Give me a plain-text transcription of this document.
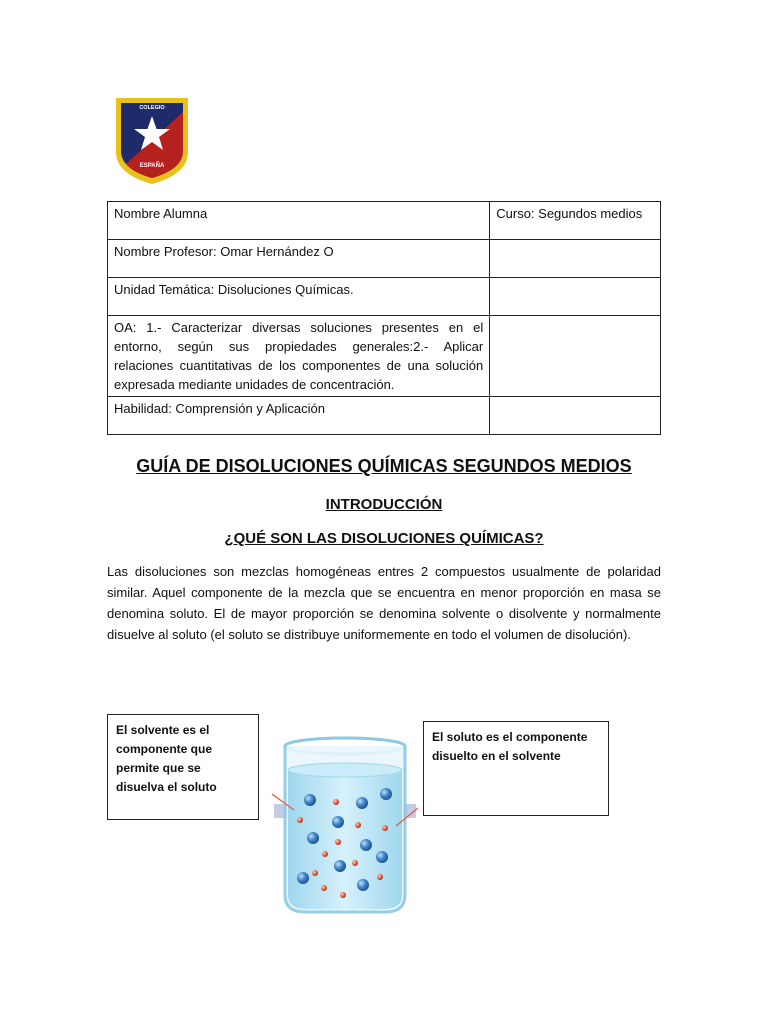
COLEGIO
ESPAÑA
Nombre Alumna	Curso: Segundos medios
Nombre Profesor: Omar Hernández O	
Unidad Temática: Disoluciones Químicas.	
OA: 1.- Caracterizar diversas soluciones presentes en el entorno, según sus propiedades generales:2.- Aplicar relaciones cuantitativas de los componentes de una solución expresada mediante unidades de concentración.	
Habilidad: Comprensión y Aplicación	
GUÍA DE DISOLUCIONES QUÍMICAS SEGUNDOS MEDIOS
INTRODUCCIÓN
¿QUÉ SON LAS DISOLUCIONES QUÍMICAS?

Las disoluciones son mezclas homogéneas entres 2 compuestos usualmente de polaridad similar. Aquel componente de la mezcla que se encuentra en menor proporción en masa se denomina soluto. El de mayor proporción se denomina solvente o disolvente y normalmente disuelve al soluto (el soluto se distribuye uniformemente en todo el volumen de disolución).

El solvente es el componente que permite que se disuelva el soluto
El soluto es el componente disuelto en el solvente
